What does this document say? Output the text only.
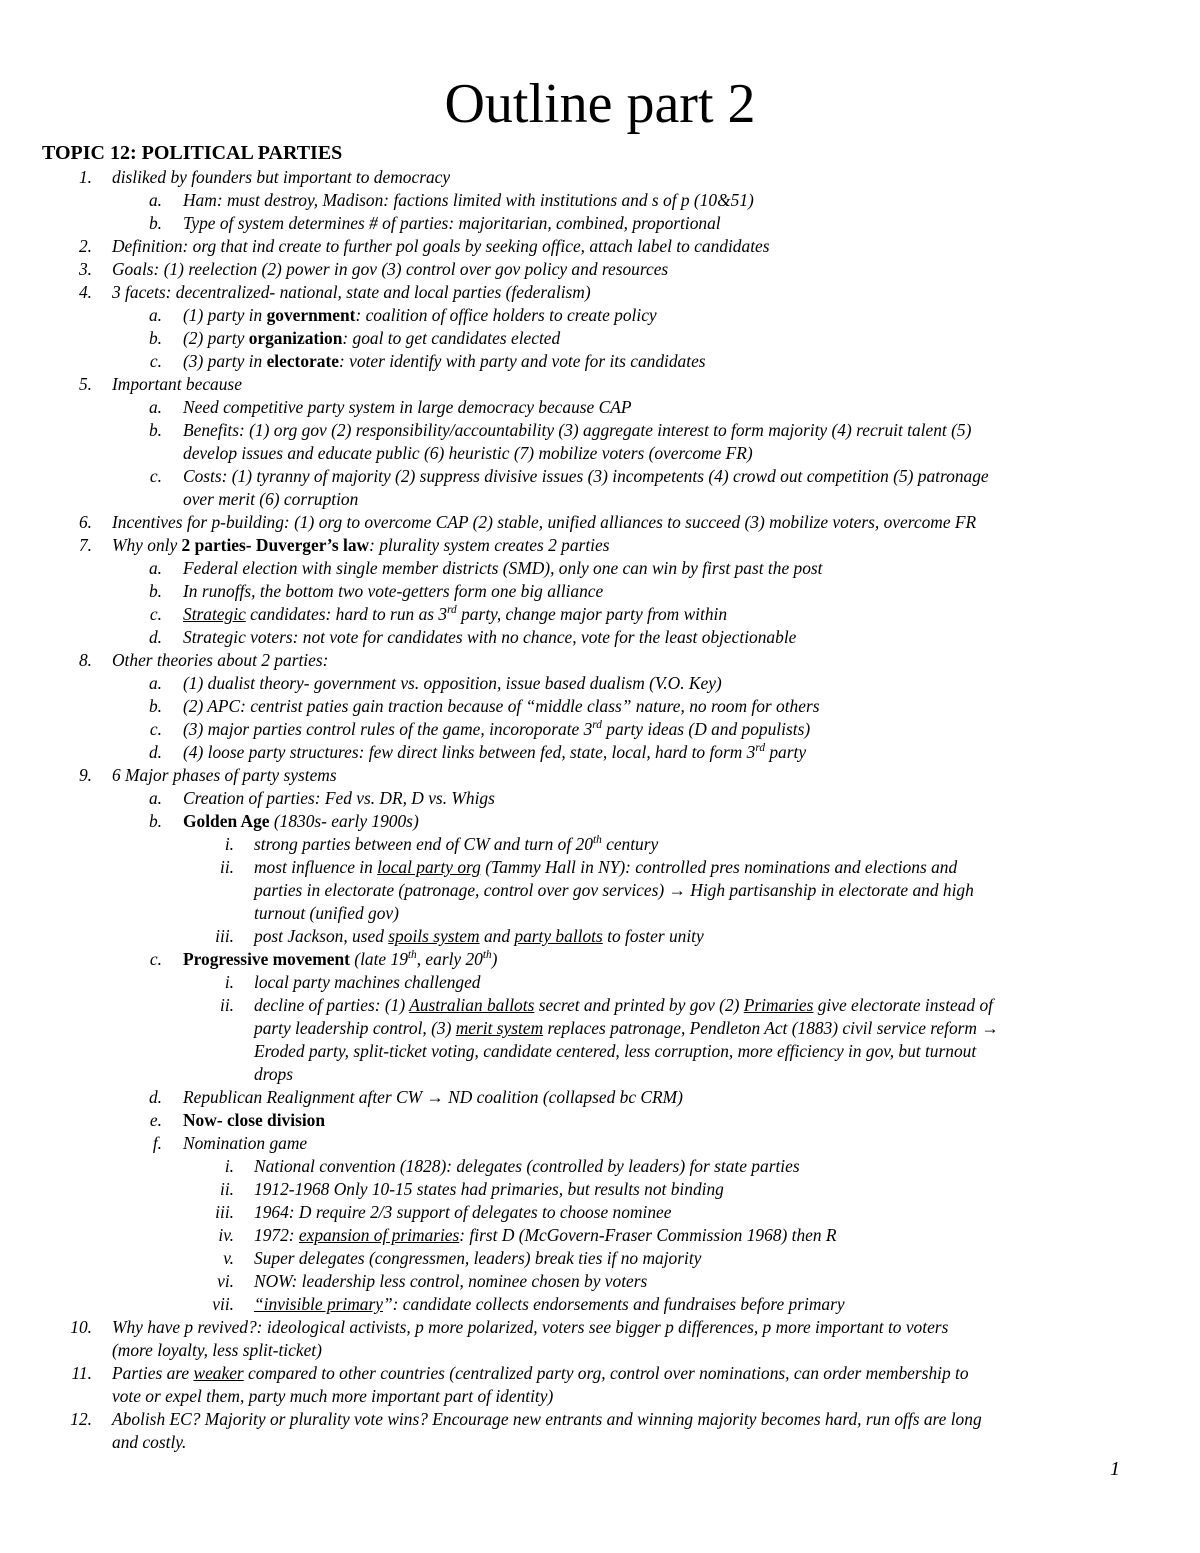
Outline part 2
TOPIC 12: POLITICAL PARTIES
1. disliked by founders but important to democracy
a. Ham: must destroy, Madison: factions limited with institutions and s of p (10&51)
b. Type of system determines # of parties: majoritarian, combined, proportional
2. Definition: org that ind create to further pol goals by seeking office, attach label to candidates
3. Goals: (1) reelection (2) power in gov (3) control over gov policy and resources
4. 3 facets: decentralized- national, state and local parties (federalism)
a. (1) party in government: coalition of office holders to create policy
b. (2) party organization: goal to get candidates elected
c. (3) party in electorate: voter identify with party and vote for its candidates
5. Important because
a. Need competitive party system in large democracy because CAP
b. Benefits: (1) org gov (2) responsibility/accountability (3) aggregate interest to form majority (4) recruit talent (5)
develop issues and educate public (6) heuristic (7) mobilize voters (overcome FR)
c. Costs: (1) tyranny of majority (2) suppress divisive issues (3) incompetents (4) crowd out competition (5) patronage
over merit (6) corruption
6. Incentives for p-building: (1) org to overcome CAP (2) stable, unified alliances to succeed (3) mobilize voters, overcome FR
7. Why only 2 parties- Duverger’s law: plurality system creates 2 parties
a. Federal election with single member districts (SMD), only one can win by first past the post
b. In runoffs, the bottom two vote-getters form one big alliance
c. Strategic candidates: hard to run as 3rd party, change major party from within
d. Strategic voters: not vote for candidates with no chance, vote for the least objectionable
8. Other theories about 2 parties:
a. (1) dualist theory- government vs. opposition, issue based dualism (V.O. Key)
b. (2) APC: centrist paties gain traction because of “middle class” nature, no room for others
c. (3) major parties control rules of the game, incoroporate 3rd party ideas (D and populists)
d. (4) loose party structures: few direct links between fed, state, local, hard to form 3rd party
9. 6 Major phases of party systems
a. Creation of parties: Fed vs. DR, D vs. Whigs
b. Golden Age (1830s- early 1900s)
i. strong parties between end of CW and turn of 20th century
ii. most influence in local party org (Tammy Hall in NY): controlled pres nominations and elections and
parties in electorate (patronage, control over gov services) → High partisanship in electorate and high
turnout (unified gov)
iii. post Jackson, used spoils system and party ballots to foster unity
c. Progressive movement (late 19th, early 20th)
i. local party machines challenged
ii. decline of parties: (1) Australian ballots secret and printed by gov (2) Primaries give electorate instead of
party leadership control, (3) merit system replaces patronage, Pendleton Act (1883) civil service reform →
Eroded party, split-ticket voting, candidate centered, less corruption, more efficiency in gov, but turnout
drops
d. Republican Realignment after CW → ND coalition (collapsed bc CRM)
e. Now- close division
f. Nomination game
i. National convention (1828): delegates (controlled by leaders) for state parties
ii. 1912-1968 Only 10-15 states had primaries, but results not binding
iii. 1964: D require 2/3 support of delegates to choose nominee
iv. 1972: expansion of primaries: first D (McGovern-Fraser Commission 1968) then R
v. Super delegates (congressmen, leaders) break ties if no majority
vi. NOW: leadership less control, nominee chosen by voters
vii. “invisible primary”: candidate collects endorsements and fundraises before primary
10. Why have p revived?: ideological activists, p more polarized, voters see bigger p differences, p more important to voters
(more loyalty, less split-ticket)
11. Parties are weaker compared to other countries (centralized party org, control over nominations, can order membership to
vote or expel them, party much more important part of identity)
12. Abolish EC? Majority or plurality vote wins? Encourage new entrants and winning majority becomes hard, run offs are long
and costly.
1
